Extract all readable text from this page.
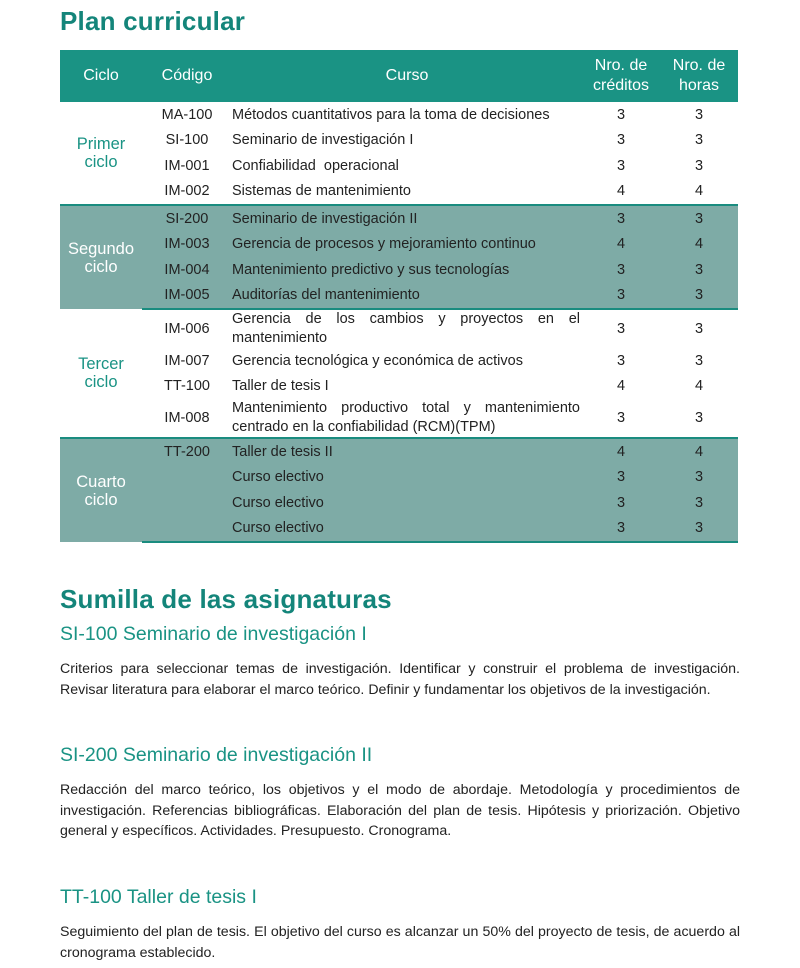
Plan curricular
Ciclo	Código	Curso	Nro. de créditos	Nro. de horas
Primer ciclo	MA-100	Métodos cuantitativos para la toma de decisiones	3	3
	SI-100	Seminario de investigación I	3	3
	IM-001	Confiabilidad  operacional	3	3
	IM-002	Sistemas de mantenimiento	4	4
Segundo ciclo	SI-200	Seminario de investigación II	3	3
	IM-003	Gerencia de procesos y mejoramiento continuo	4	4
	IM-004	Mantenimiento predictivo y sus tecnologías	3	3
	IM-005	Auditorías del mantenimiento	3	3
Tercer ciclo	IM-006	Gerencia de los cambios y proyectos en el mantenimiento	3	3
	IM-007	Gerencia tecnológica y económica de activos	3	3
	TT-100	Taller de tesis I	4	4
	IM-008	Mantenimiento productivo total y mantenimiento centrado en la confiabilidad (RCM)(TPM)	3	3
Cuarto ciclo	TT-200	Taller de tesis II	4	4
		Curso electivo	3	3
		Curso electivo	3	3
		Curso electivo	3	3
Sumilla de las asignaturas
SI-100 Seminario de investigación I

Criterios para seleccionar temas de investigación. Identificar y construir el problema de investigación. Revisar literatura para elaborar el marco teórico. Definir y fundamentar los objetivos de la investigación.

SI-200 Seminario de investigación II

Redacción del marco teórico, los objetivos y el modo de abordaje. Metodología y procedimientos de investigación. Referencias bibliográficas. Elaboración del plan de tesis. Hipótesis y priorización. Objetivo general y específicos. Actividades. Presupuesto. Cronograma.

TT-100 Taller de tesis I

Seguimiento del plan de tesis. El objetivo del curso es alcanzar un 50% del proyecto de tesis, de acuerdo al cronograma establecido.
